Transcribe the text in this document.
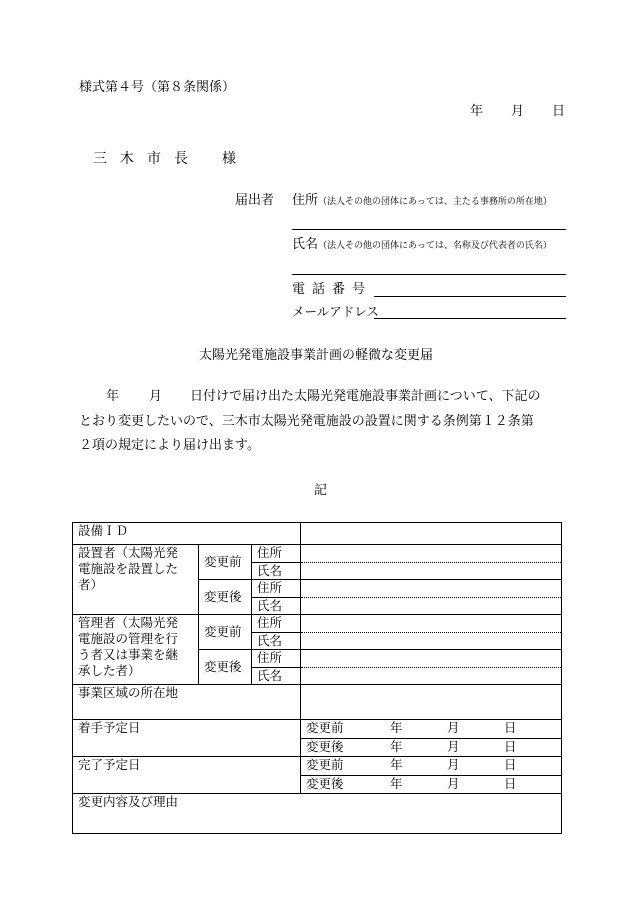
様式第４号（第８条関係）
年 月 日
三 木 市 長 様
届出者 住所（法人その他の団体にあっては、主たる事務所の所在地）
氏名（法人その他の団体にあっては、名称及び代表者の氏名）
電 話 番 号
メールアドレス
太陽光発電施設事業計画の軽微な変更届
年 月 日付けで届け出た太陽光発電施設事業計画について、下記の
とおり変更したいので、三木市太陽光発電施設の設置に関する条例第１２条第
２項の規定により届け出ます。
記
設備ＩＤ			

設置者（太陽光発
電施設を設置した
者）	変更前	住所	
		氏名	
	変更後	住所	
		氏名	

管理者（太陽光発
電施設の管理を行
う者又は事業を継
承した者）	変更前	住所	
		氏名	
	変更後	住所	
		氏名	
事業区域の所在地			
着手予定日			変更前 年 月 日

			変更後 年 月 日

完了予定日			変更前 年 月 日

			変更後 年 月 日

変更内容及び理由			
